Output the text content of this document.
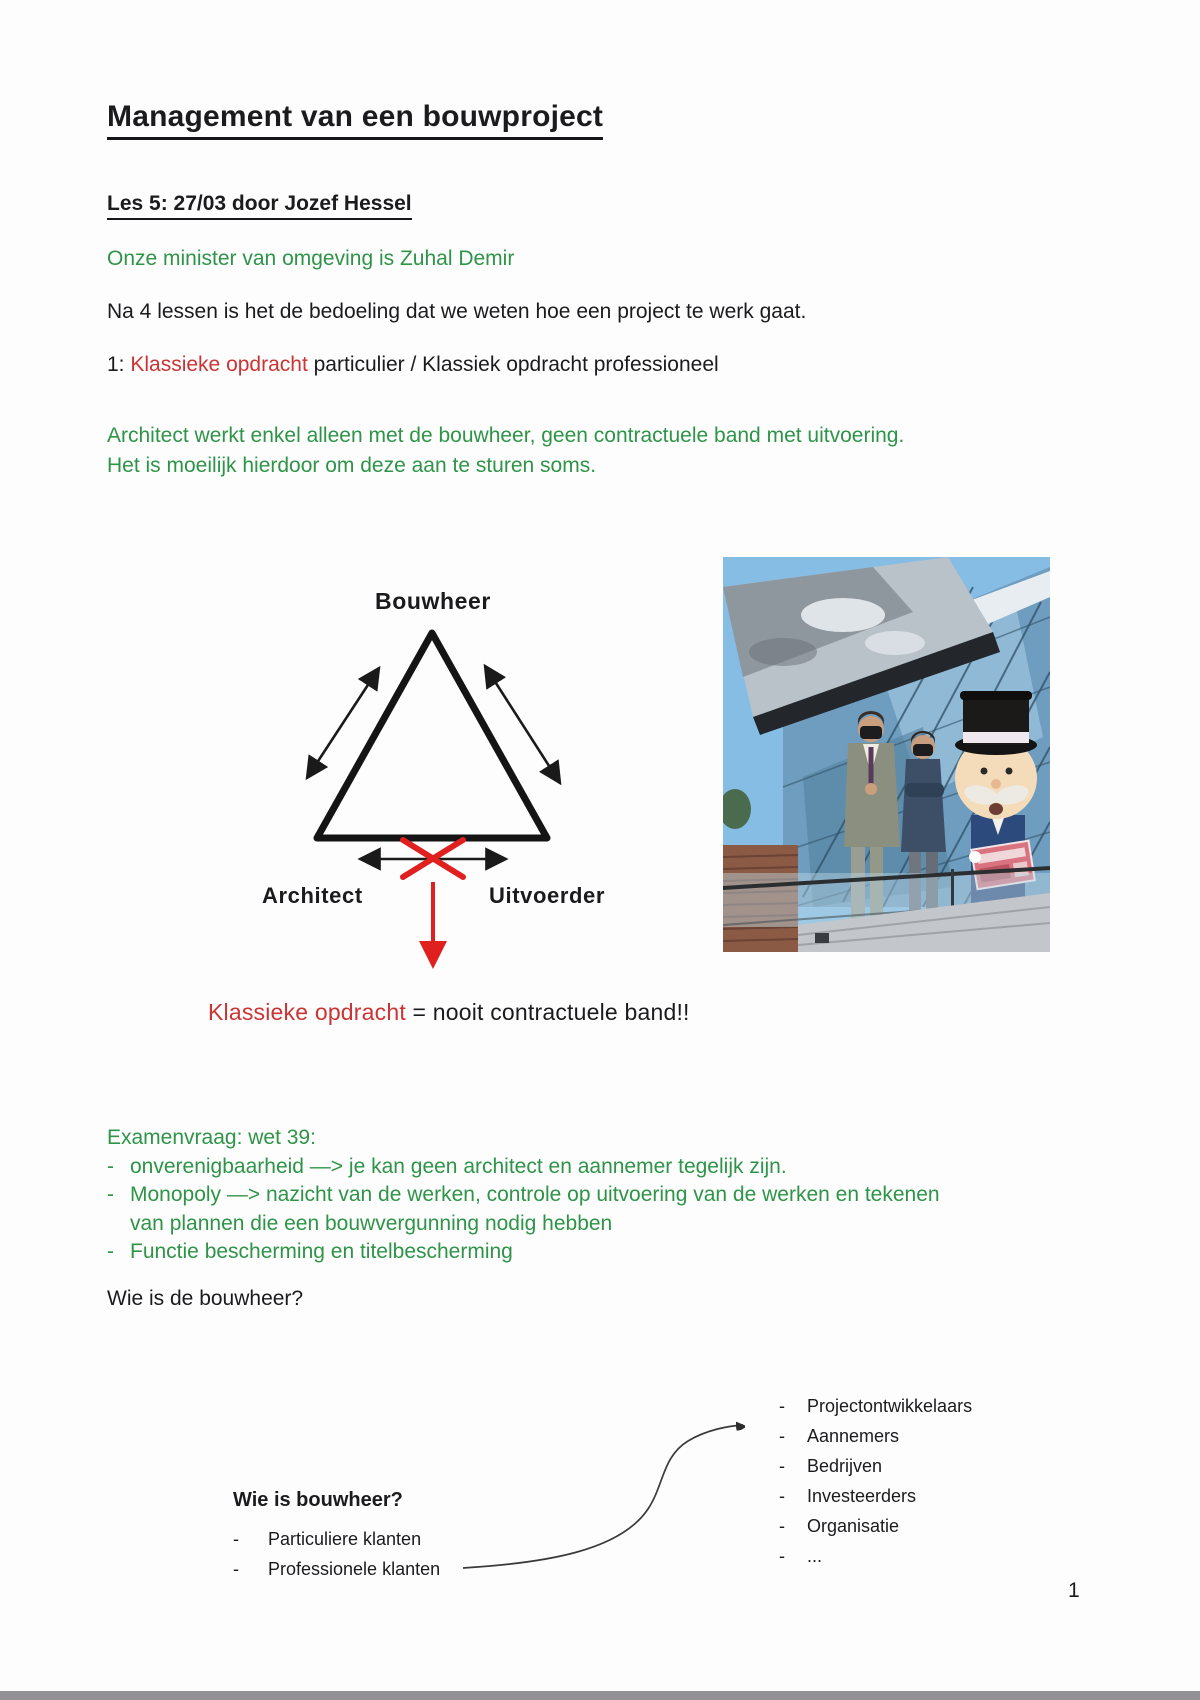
Management van een bouwproject
Les 5: 27/03 door Jozef Hessel
Onze minister van omgeving is Zuhal Demir
Na 4 lessen is het de bedoeling dat we weten hoe een project te werk gaat.
1: Klassieke opdracht particulier / Klassiek opdracht professioneel
Architect werkt enkel alleen met de bouwheer, geen contractuele band met uitvoering.
Het is moeilijk hierdoor om deze aan te sturen soms.
Bouwheer
Architect	Uitvoerder
Klassieke opdracht = nooit contractuele band!!
Examenvraag: wet 39:
- onverenigbaarheid —> je kan geen architect en aannemer tegelijk zijn.
- Monopoly —> nazicht van de werken, controle op uitvoering van de werken en tekenen
van plannen die een bouwvergunning nodig hebben
- Functie bescherming en titelbescherming
Wie is de bouwheer?
Wie is bouwheer?
-	Particuliere klanten
-	Professionele klanten
-	Projectontwikkelaars
-	Aannemers
-	Bedrijven
-	Investeerders
-	Organisatie
-	...
1
